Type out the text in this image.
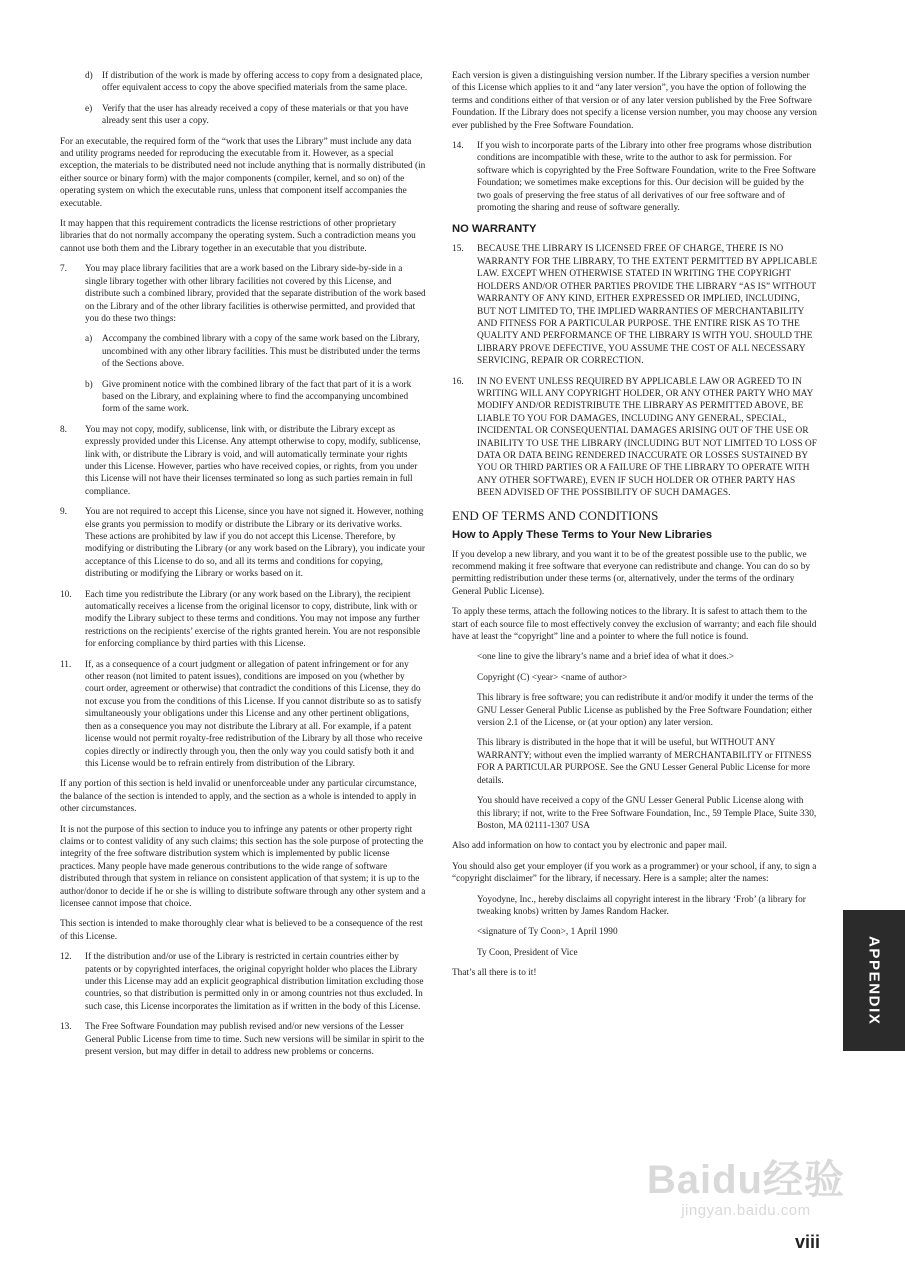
d) If distribution of the work is made by offering access to copy from a designated place, offer equivalent access to copy the above specified materials from the same place.
e) Verify that the user has already received a copy of these materials or that you have already sent this user a copy.

For an executable, the required form of the “work that uses the Library” must include any data and utility programs needed for reproducing the executable from it. However, as a special exception, the materials to be distributed need not include anything that is normally distributed (in either source or binary form) with the major components (compiler, kernel, and so on) of the operating system on which the executable runs, unless that component itself accompanies the executable.

It may happen that this requirement contradicts the license restrictions of other proprietary libraries that do not normally accompany the operating system. Such a contradiction means you cannot use both them and the Library together in an executable that you distribute.

7. You may place library facilities that are a work based on the Library side-by-side in a single library together with other library facilities not covered by this License, and distribute such a combined library, provided that the separate distribution of the work based on the Library and of the other library facilities is otherwise permitted, and provided that you do these two things:
a) Accompany the combined library with a copy of the same work based on the Library, uncombined with any other library facilities. This must be distributed under the terms of the Sections above.
b) Give prominent notice with the combined library of the fact that part of it is a work based on the Library, and explaining where to find the accompanying uncombined form of the same work.
8. You may not copy, modify, sublicense, link with, or distribute the Library except as expressly provided under this License. Any attempt otherwise to copy, modify, sublicense, link with, or distribute the Library is void, and will automatically terminate your rights under this License. However, parties who have received copies, or rights, from you under this License will not have their licenses terminated so long as such parties remain in full compliance.
9. You are not required to accept this License, since you have not signed it. However, nothing else grants you permission to modify or distribute the Library or its derivative works. These actions are prohibited by law if you do not accept this License. Therefore, by modifying or distributing the Library (or any work based on the Library), you indicate your acceptance of this License to do so, and all its terms and conditions for copying, distributing or modifying the Library or works based on it.
10. Each time you redistribute the Library (or any work based on the Library), the recipient automatically receives a license from the original licensor to copy, distribute, link with or modify the Library subject to these terms and conditions. You may not impose any further restrictions on the recipients’ exercise of the rights granted herein. You are not responsible for enforcing compliance by third parties with this License.
11. If, as a consequence of a court judgment or allegation of patent infringement or for any other reason (not limited to patent issues), conditions are imposed on you (whether by court order, agreement or otherwise) that contradict the conditions of this License, they do not excuse you from the conditions of this License. If you cannot distribute so as to satisfy simultaneously your obligations under this License and any other pertinent obligations, then as a consequence you may not distribute the Library at all. For example, if a patent license would not permit royalty-free redistribution of the Library by all those who receive copies directly or indirectly through you, then the only way you could satisfy both it and this License would be to refrain entirely from distribution of the Library.

If any portion of this section is held invalid or unenforceable under any particular circumstance, the balance of the section is intended to apply, and the section as a whole is intended to apply in other circumstances.

It is not the purpose of this section to induce you to infringe any patents or other property right claims or to contest validity of any such claims; this section has the sole purpose of protecting the integrity of the free software distribution system which is implemented by public license practices. Many people have made generous contributions to the wide range of software distributed through that system in reliance on consistent application of that system; it is up to the author/donor to decide if he or she is willing to distribute software through any other system and a licensee cannot impose that choice.

This section is intended to make thoroughly clear what is believed to be a consequence of the rest of this License.

12. If the distribution and/or use of the Library is restricted in certain countries either by patents or by copyrighted interfaces, the original copyright holder who places the Library under this License may add an explicit geographical distribution limitation excluding those countries, so that distribution is permitted only in or among countries not thus excluded. In such case, this License incorporates the limitation as if written in the body of this License.
13. The Free Software Foundation may publish revised and/or new versions of the Lesser General Public License from time to time. Such new versions will be similar in spirit to the present version, but may differ in detail to address new problems or concerns.

Each version is given a distinguishing version number. If the Library specifies a version number of this License which applies to it and “any later version”, you have the option of following the terms and conditions either of that version or of any later version published by the Free Software Foundation. If the Library does not specify a license version number, you may choose any version ever published by the Free Software Foundation.

14. If you wish to incorporate parts of the Library into other free programs whose distribution conditions are incompatible with these, write to the author to ask for permission. For software which is copyrighted by the Free Software Foundation, write to the Free Software Foundation; we sometimes make exceptions for this. Our decision will be guided by the two goals of preserving the free status of all derivatives of our free software and of promoting the sharing and reuse of software generally.
NO WARRANTY
15. BECAUSE THE LIBRARY IS LICENSED FREE OF CHARGE, THERE IS NO WARRANTY FOR THE LIBRARY, TO THE EXTENT PERMITTED BY APPLICABLE LAW. EXCEPT WHEN OTHERWISE STATED IN WRITING THE COPYRIGHT HOLDERS AND/OR OTHER PARTIES PROVIDE THE LIBRARY “AS IS” WITHOUT WARRANTY OF ANY KIND, EITHER EXPRESSED OR IMPLIED, INCLUDING, BUT NOT LIMITED TO, THE IMPLIED WARRANTIES OF MERCHANTABILITY AND FITNESS FOR A PARTICULAR PURPOSE. THE ENTIRE RISK AS TO THE QUALITY AND PERFORMANCE OF THE LIBRARY IS WITH YOU. SHOULD THE LIBRARY PROVE DEFECTIVE, YOU ASSUME THE COST OF ALL NECESSARY SERVICING, REPAIR OR CORRECTION.
16. IN NO EVENT UNLESS REQUIRED BY APPLICABLE LAW OR AGREED TO IN WRITING WILL ANY COPYRIGHT HOLDER, OR ANY OTHER PARTY WHO MAY MODIFY AND/OR REDISTRIBUTE THE LIBRARY AS PERMITTED ABOVE, BE LIABLE TO YOU FOR DAMAGES, INCLUDING ANY GENERAL, SPECIAL, INCIDENTAL OR CONSEQUENTIAL DAMAGES ARISING OUT OF THE USE OR INABILITY TO USE THE LIBRARY (INCLUDING BUT NOT LIMITED TO LOSS OF DATA OR DATA BEING RENDERED INACCURATE OR LOSSES SUSTAINED BY YOU OR THIRD PARTIES OR A FAILURE OF THE LIBRARY TO OPERATE WITH ANY OTHER SOFTWARE), EVEN IF SUCH HOLDER OR OTHER PARTY HAS BEEN ADVISED OF THE POSSIBILITY OF SUCH DAMAGES.
END OF TERMS AND CONDITIONS
How to Apply These Terms to Your New Libraries

If you develop a new library, and you want it to be of the greatest possible use to the public, we recommend making it free software that everyone can redistribute and change. You can do so by permitting redistribution under these terms (or, alternatively, under the terms of the ordinary General Public License).

To apply these terms, attach the following notices to the library. It is safest to attach them to the start of each source file to most effectively convey the exclusion of warranty; and each file should have at least the “copyright” line and a pointer to where the full notice is found.

<one line to give the library’s name and a brief idea of what it does.>

Copyright (C) <year> <name of author>

This library is free software; you can redistribute it and/or modify it under the terms of the GNU Lesser General Public License as published by the Free Software Foundation; either version 2.1 of the License, or (at your option) any later version.

This library is distributed in the hope that it will be useful, but WITHOUT ANY WARRANTY; without even the implied warranty of MERCHANTABILITY or FITNESS FOR A PARTICULAR PURPOSE. See the GNU Lesser General Public License for more details.

You should have received a copy of the GNU Lesser General Public License along with this library; if not, write to the Free Software Foundation, Inc., 59 Temple Place, Suite 330, Boston, MA 02111-1307 USA

Also add information on how to contact you by electronic and paper mail.

You should also get your employer (if you work as a programmer) or your school, if any, to sign a “copyright disclaimer” for the library, if necessary. Here is a sample; alter the names:

Yoyodyne, Inc., hereby disclaims all copyright interest in the library ‘Frob’ (a library for tweaking knobs) written by James Random Hacker.

<signature of Ty Coon>, 1 April 1990

Ty Coon, President of Vice

That’s all there is to it!	APPENDIX
Baidu经验
jingyan.baidu.com
viii
